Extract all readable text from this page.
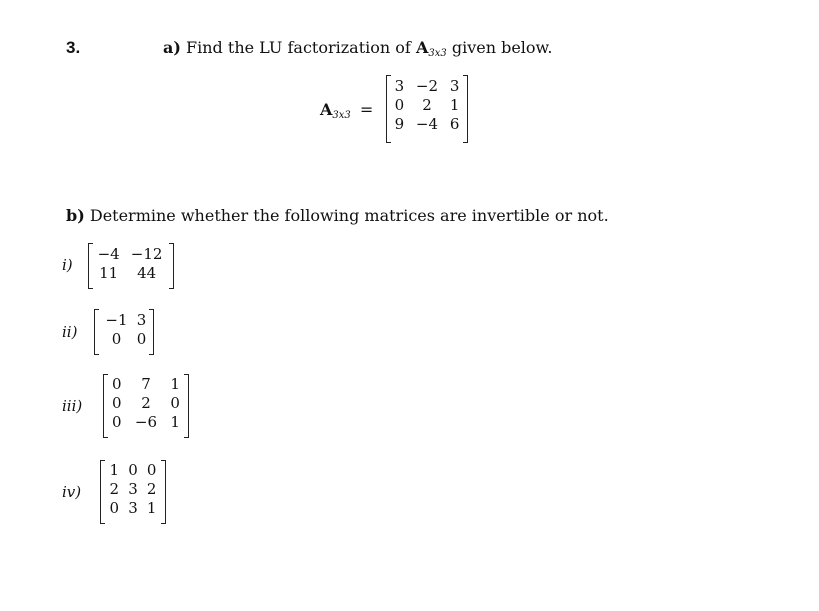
3.	a) Find the LU factorization of $A_{3x3}$ given below.
$A_{3x3}$ =
3	−2	3
0	2	1
9	−4	6
b) Determine whether the following matrices are invertible or not.
i)
−4	−12
11	44
ii)
−1	3
0	0
iii)
0	7	1
0	2	0
0	−6	1
iv)
1	0	0
2	3	2
0	3	1
